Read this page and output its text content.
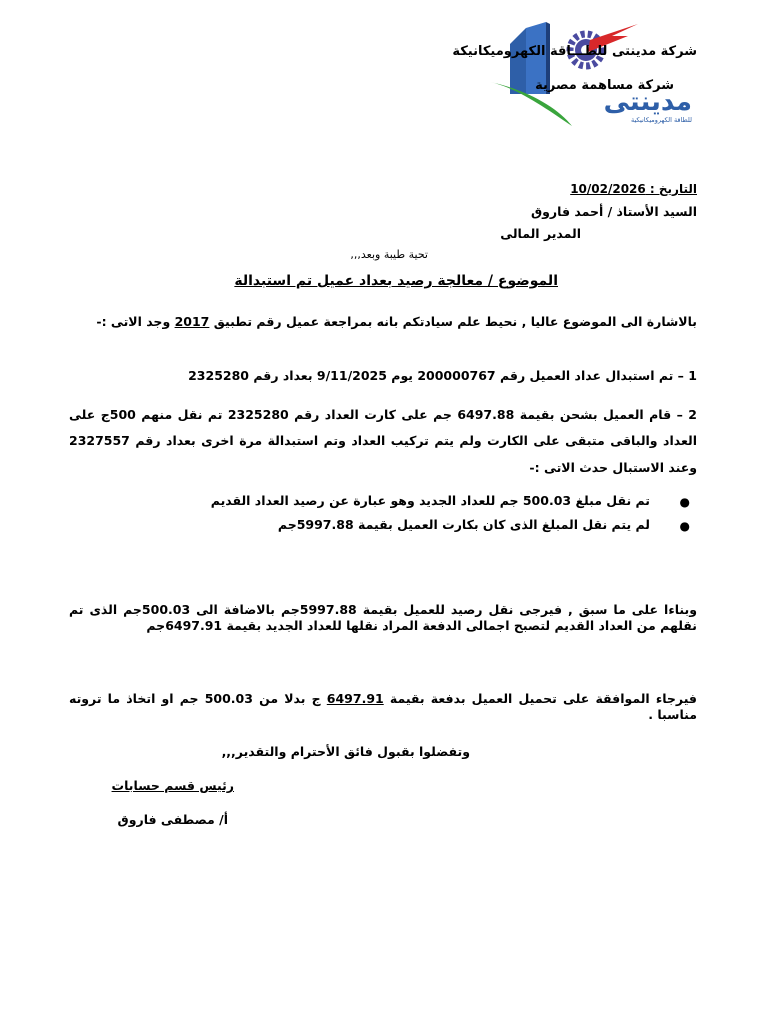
مدينتى
للطاقة الكهروميكانيكية
شركة مدينتى للطـــاقة الكهروميكانيكة
شركة مساهمة مصرية
التاريخ : 10/02/2026
السيد الأستاذ / أحمد فاروق
المدير المالى
تحية طيبة وبعد,,,
الموضوع / معالجة رصيد بعداد عميل تم استبدالة
بالاشارة الى الموضوع عاليا , نحيط علم سيادتكم بانه بمراجعة عميل رقم تطبيق 2017 وجد الاتى :-
1 – تم استبدال عداد العميل رقم 200000767 يوم 9/11/2025 بعداد رقم 2325280
2 – قام العميل بشحن بقيمة 6497.88 جم على كارت العداد رقم 2325280 تم نقل منهم 500ج على العداد والباقى متبقى على الكارت ولم يتم تركيب العداد وتم استبدالة مرة اخرى بعداد رقم 2327557 وعند الاستبال حدث الاتى :-
●
تم نقل مبلغ 500.03 جم للعداد الجديد وهو عبارة عن رصيد العداد القديم
●
لم يتم نقل المبلغ الذى كان بكارت العميل بقيمة 5997.88جم
وبناءا على ما سبق , فيرجى نقل رصيد للعميل بقيمة 5997.88جم بالاضافة الى 500.03جم الذى تم نقلهم من العداد القديم لتصبح اجمالى الدفعة المراد نقلها للعداد الجديد بقيمة 6497.91جم
فيرجاء الموافقة على تحميل العميل بدفعة بقيمة 6497.91 ج بدلا من 500.03 جم او اتخاذ ما تروته مناسبا .
وتفضلوا بقبول فائق الأحترام والتقدير,,,
رئيس قسم حسابات
أ/ مصطفى فاروق
